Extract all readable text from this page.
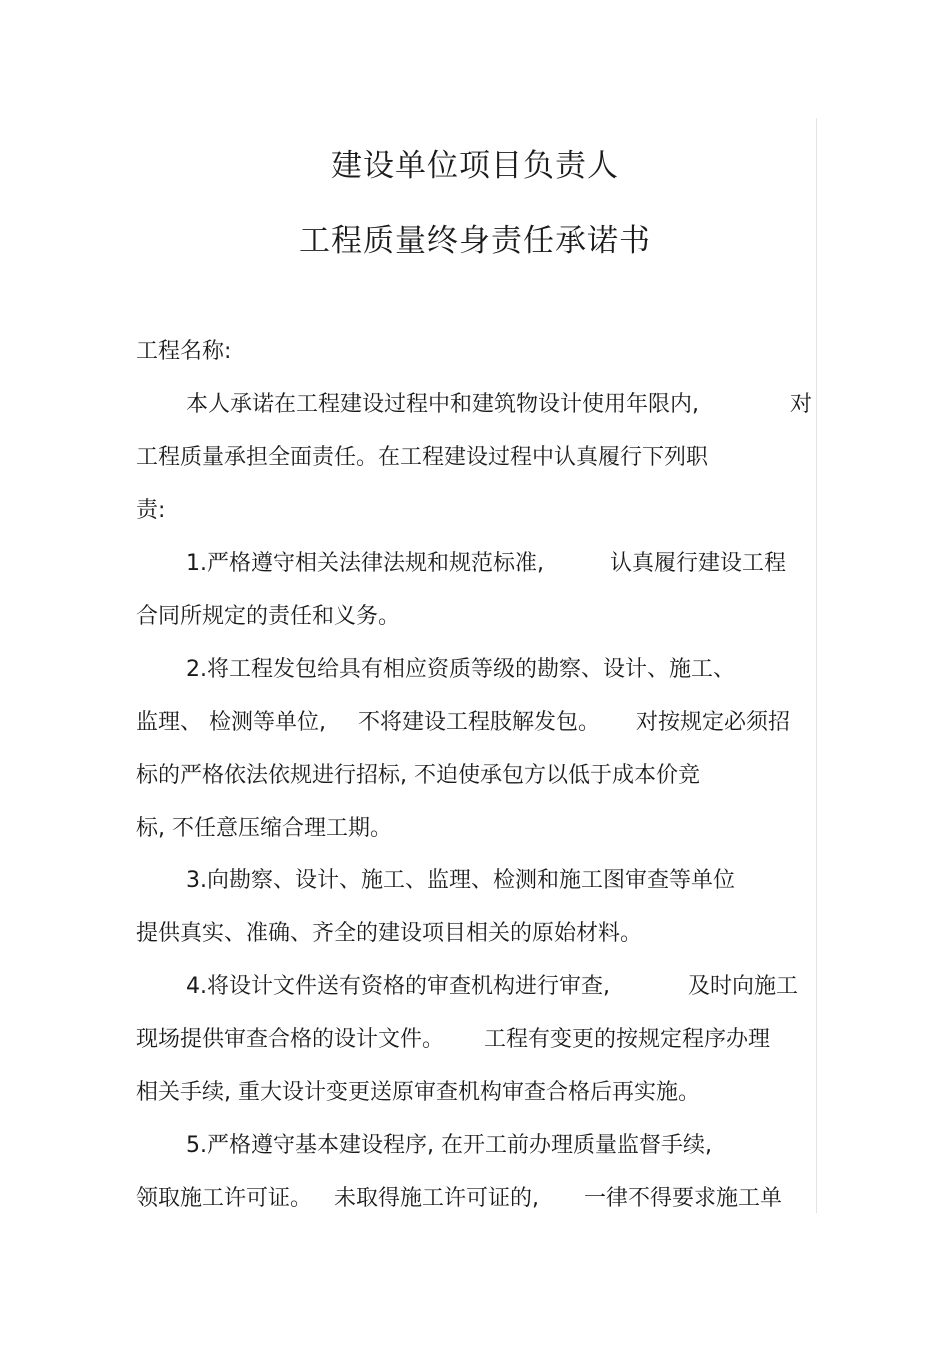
建设单位项目负责人
工程质量终身责任承诺书
工程名称:
本人承诺在工程建设过程中和建筑物设计使用年限内,	对
工程质量承担全面责任。在工程建设过程中认真履行下列职
责:
1.严格遵守相关法律法规和规范标准,	认真履行建设工程
合同所规定的责任和义务。
2.将工程发包给具有相应资质等级的勘察、设计、施工、
监理、 检测等单位, 不将建设工程肢解发包。 对按规定必须招
标的严格依法依规进行招标, 不迫使承包方以低于成本价竞
标, 不任意压缩合理工期。
3.向勘察、设计、施工、监理、检测和施工图审查等单位
提供真实、准确、齐全的建设项目相关的原始材料。
4.将设计文件送有资格的审查机构进行审查,	及时向施工
现场提供审查合格的设计文件。 工程有变更的按规定程序办理
相关手续, 重大设计变更送原审查机构审查合格后再实施。
5.严格遵守基本建设程序, 在开工前办理质量监督手续,
领取施工许可证。 未取得施工许可证的, 一律不得要求施工单
